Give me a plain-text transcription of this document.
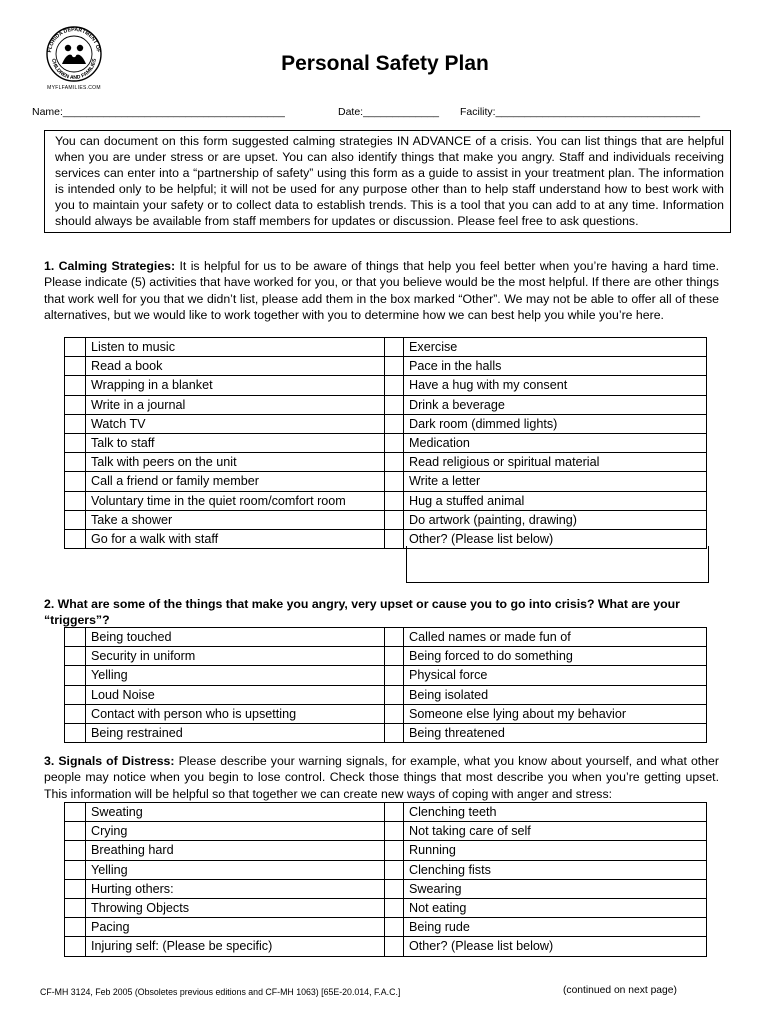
FLORIDA DEPARTMENT OF
CHILDREN AND FAMILIES
MYFLFAMILIES.COM
Personal Safety Plan
Name:______________________________________	Date:_____________ Facility:___________________________________
You can document on this form suggested calming strategies IN ADVANCE of a crisis. You can list things that are helpful when you are under stress or are upset. You can also identify things that make you angry. Staff and individuals receiving services can enter into a “partnership of safety” using this form as a guide to assist in your treatment plan. The information is intended only to be helpful; it will not be used for any purpose other than to help staff understand how to best work with you to maintain your safety or to collect data to establish trends. This is a tool that you can add to at any time. Information should always be available from staff members for updates or discussion. Please feel free to ask questions.
1. Calming Strategies: It is helpful for us to be aware of things that help you feel better when you’re having a hard time. Please indicate (5) activities that have worked for you, or that you believe would be the most helpful. If there are other things that work well for you that we didn’t list, please add them in the box marked “Other”. We may not be able to offer all of these alternatives, but we would like to work together with you to determine how we can best help you while you’re here.
	Listen to music		Exercise
	Read a book		Pace in the halls
	Wrapping in a blanket		Have a hug with my consent
	Write in a journal		Drink a beverage
	Watch TV		Dark room (dimmed lights)
	Talk to staff		Medication
	Talk with peers on the unit		Read religious or spiritual material
	Call a friend or family member		Write a letter
	Voluntary time in the quiet room/comfort room		Hug a stuffed animal
	Take a shower		Do artwork (painting, drawing)
	Go for a walk with staff		Other? (Please list below)
2. What are some of the things that make you angry, very upset or cause you to go into crisis? What are your “triggers”?
	Being touched		Called names or made fun of
	Security in uniform		Being forced to do something
	Yelling		Physical force
	Loud Noise		Being isolated
	Contact with person who is upsetting		Someone else lying about my behavior
	Being restrained		Being threatened
3. Signals of Distress: Please describe your warning signals, for example, what you know about yourself, and what other people may notice when you begin to lose control. Check those things that most describe you when you’re getting upset. This information will be helpful so that together we can create new ways of coping with anger and stress:
	Sweating		Clenching teeth
	Crying		Not taking care of self
	Breathing hard		Running
	Yelling		Clenching fists
	Hurting others:		Swearing
	Throwing Objects		Not eating
	Pacing		Being rude
	Injuring self: (Please be specific)		Other? (Please list below)
CF-MH 3124, Feb 2005 (Obsoletes previous editions and CF-MH 1063) [65E-20.014, F.A.C.]	(continued on next page)
